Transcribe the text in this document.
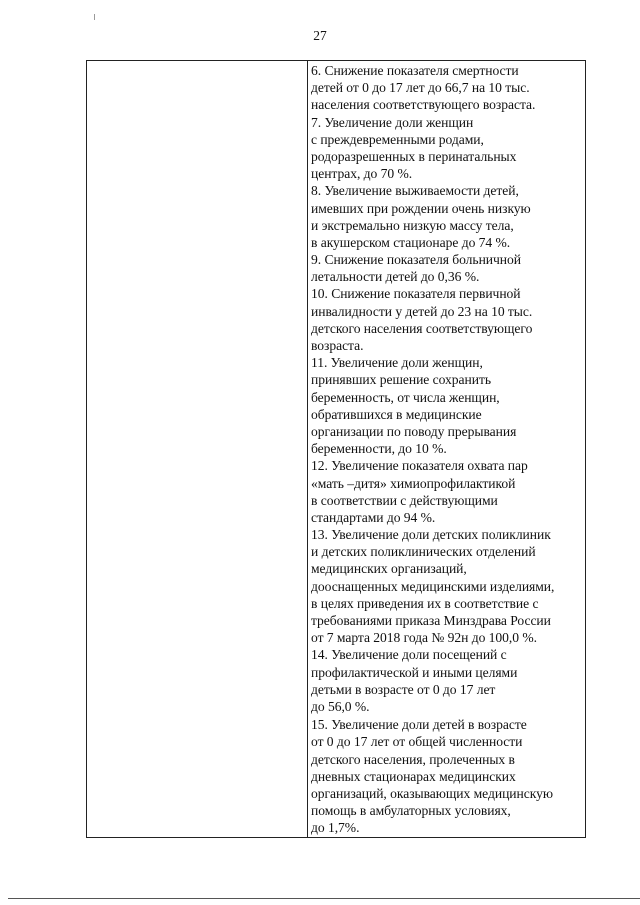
27
6. Снижение показателя смертности
детей от 0 до 17 лет до 66,7 на 10 тыс.
населения соответствующего возраста.
7. Увеличение доли женщин
с преждевременными родами,
родоразрешенных в перинатальных
центрах, до 70 %.
8. Увеличение выживаемости детей,
имевших при рождении очень низкую
и экстремально низкую массу тела,
в акушерском стационаре до 74 %.
9. Снижение показателя больничной
летальности детей до 0,36 %.
10. Снижение показателя первичной
инвалидности у детей до 23 на 10 тыс.
детского населения соответствующего
возраста.
11. Увеличение доли женщин,
принявших решение сохранить
беременность, от числа женщин,
обратившихся в медицинские
организации по поводу прерывания
беременности, до 10 %.
12. Увеличение показателя охвата пар
«мать –дитя» химиопрофилактикой
в соответствии с действующими
стандартами до 94 %.
13. Увеличение доли детских поликлиник
и детских поликлинических отделений
медицинских организаций,
дооснащенных медицинскими изделиями,
в целях приведения их в соответствие с
требованиями приказа Минздрава России
от 7 марта 2018 года № 92н до 100,0 %.
14. Увеличение доли посещений с
профилактической и иными целями
детьми в возрасте от 0 до 17 лет
до 56,0 %.
15. Увеличение доли детей в возрасте
от 0 до 17 лет от общей численности
детского населения, пролеченных в
дневных стационарах медицинских
организаций, оказывающих медицинскую
помощь в амбулаторных условиях,
до 1,7%.
